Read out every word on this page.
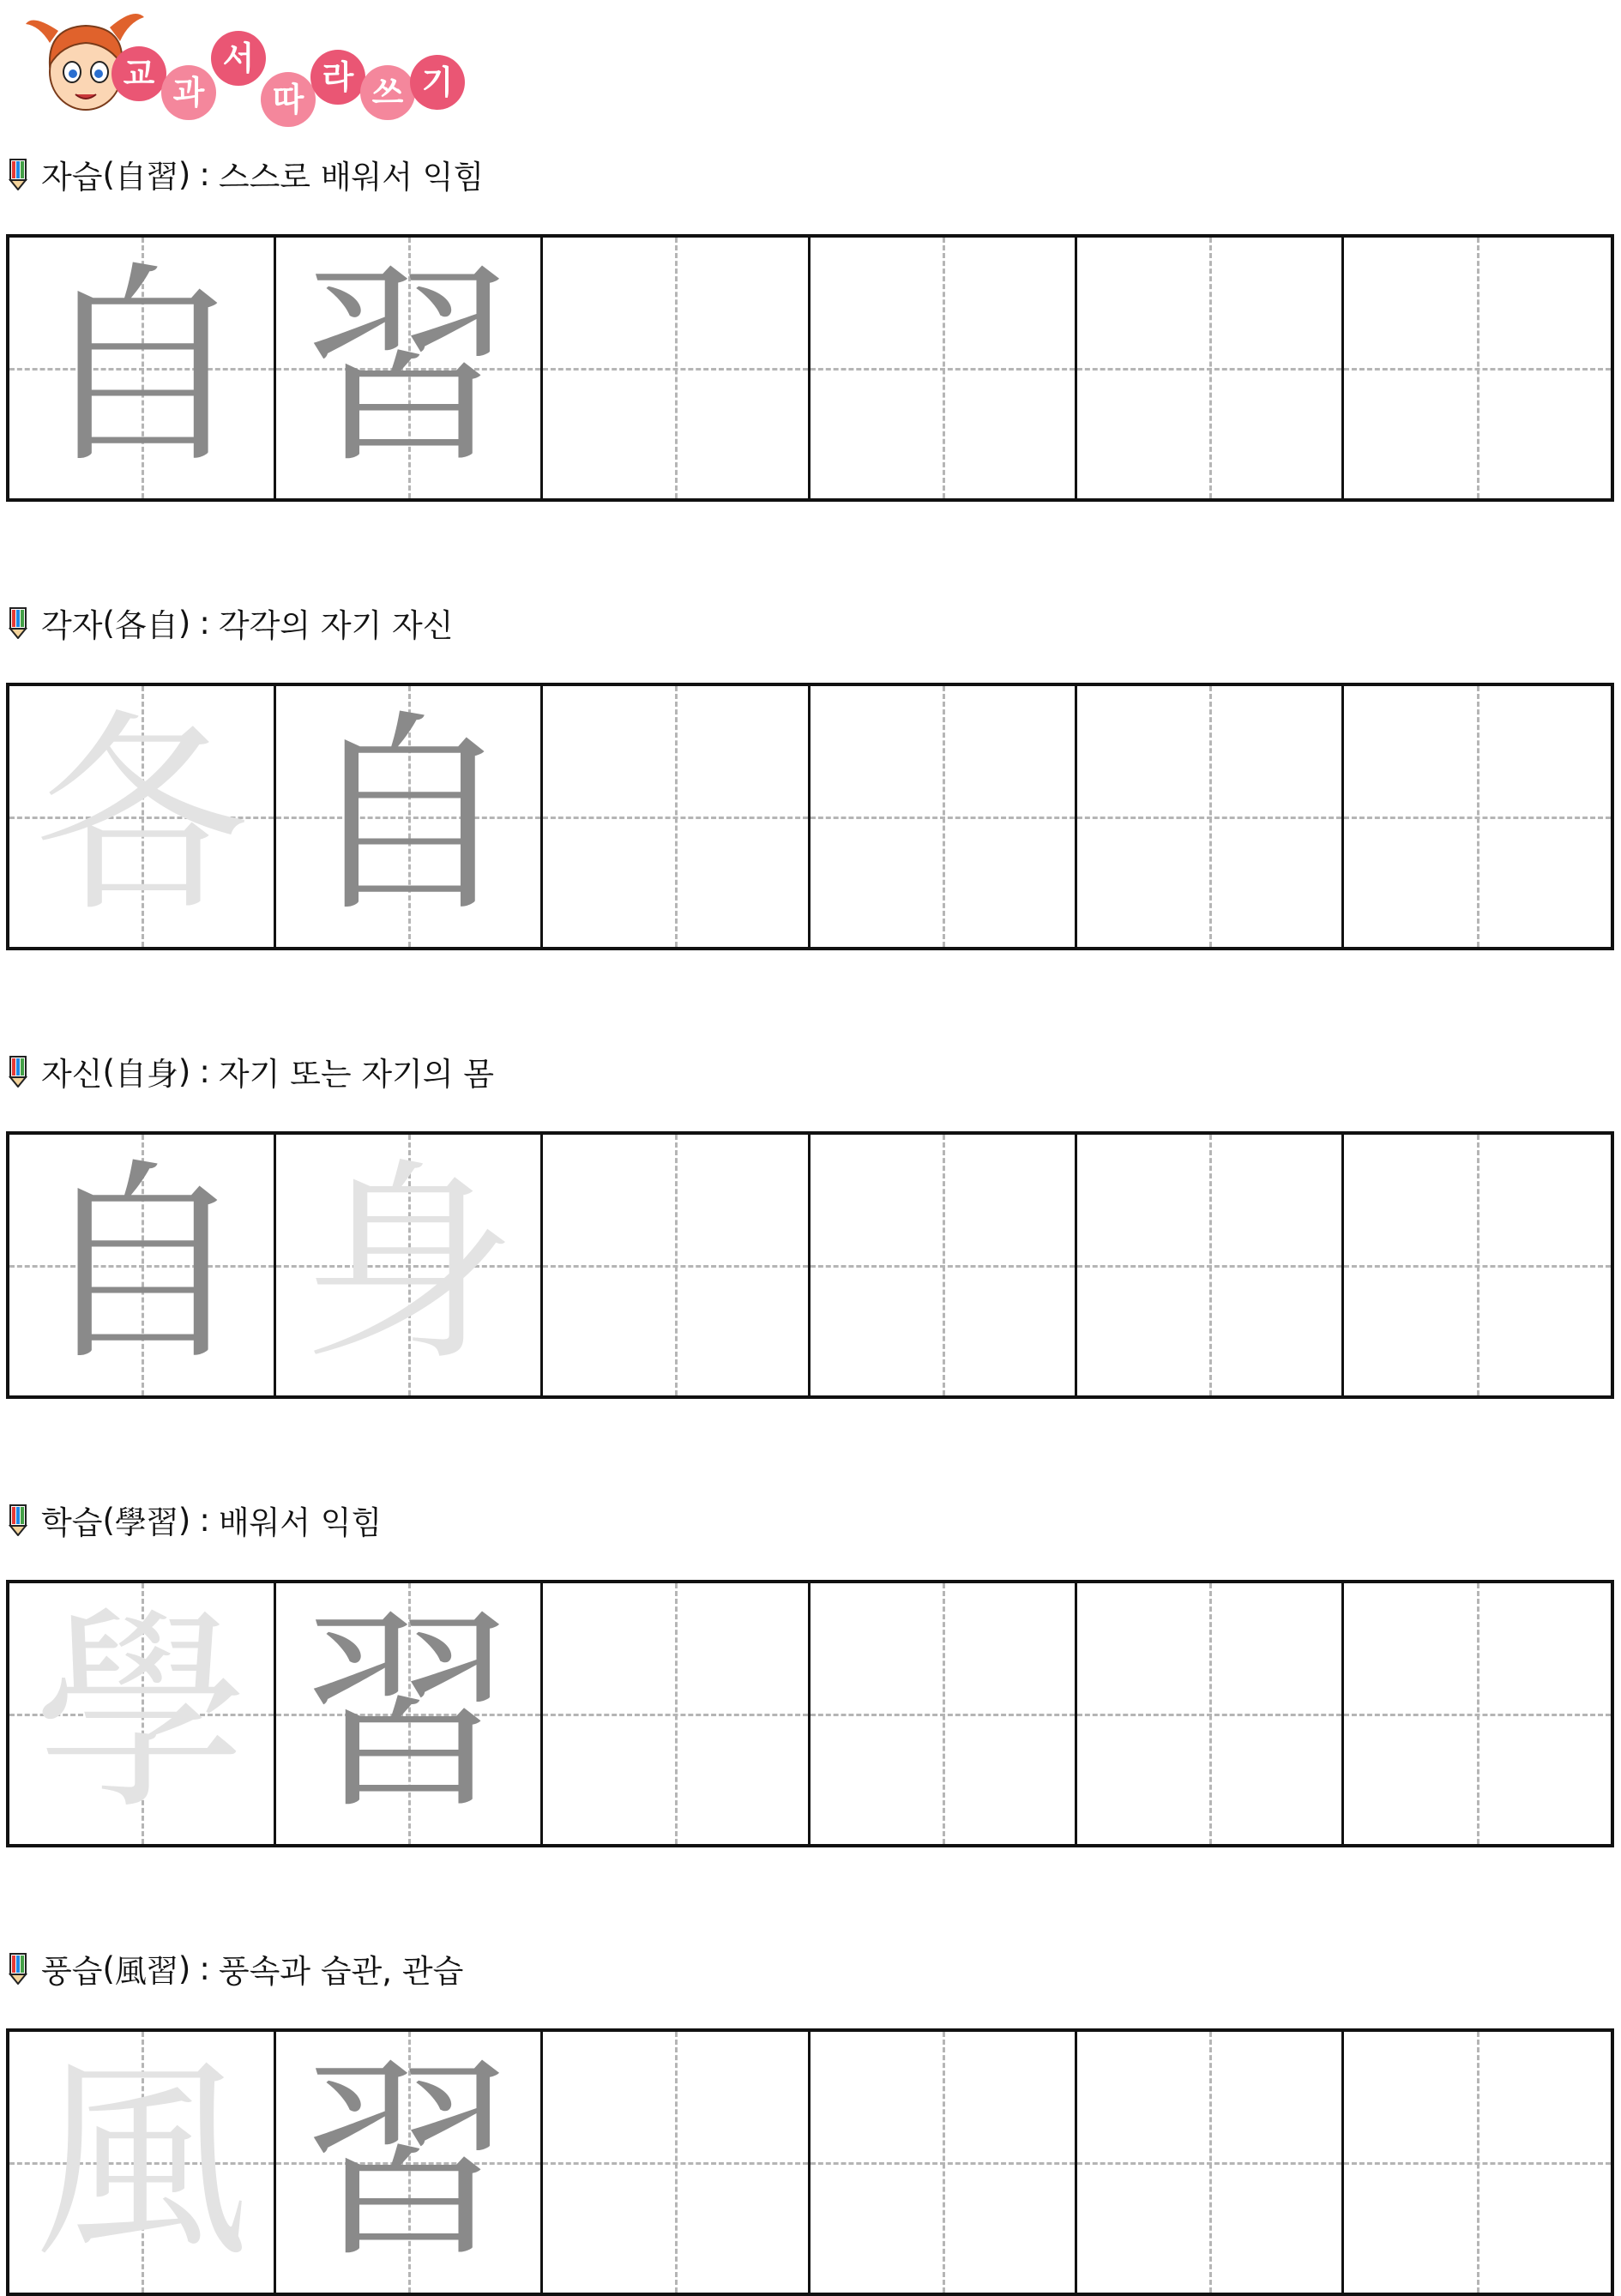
교 과
서
따
라 쓰 기
자습 ( 自習 ) : 스스로 배워서 익힘
自 習
각자 ( 各自 ) : 각각의 자기 자신
各 自
자신 ( 自身 ) : 자기 또는 자기의 몸
自 身
학습 ( 學習 ) : 배워서 익힘
學 習
풍습 ( 風習 ) : 풍속과 습관, 관습
風 習
